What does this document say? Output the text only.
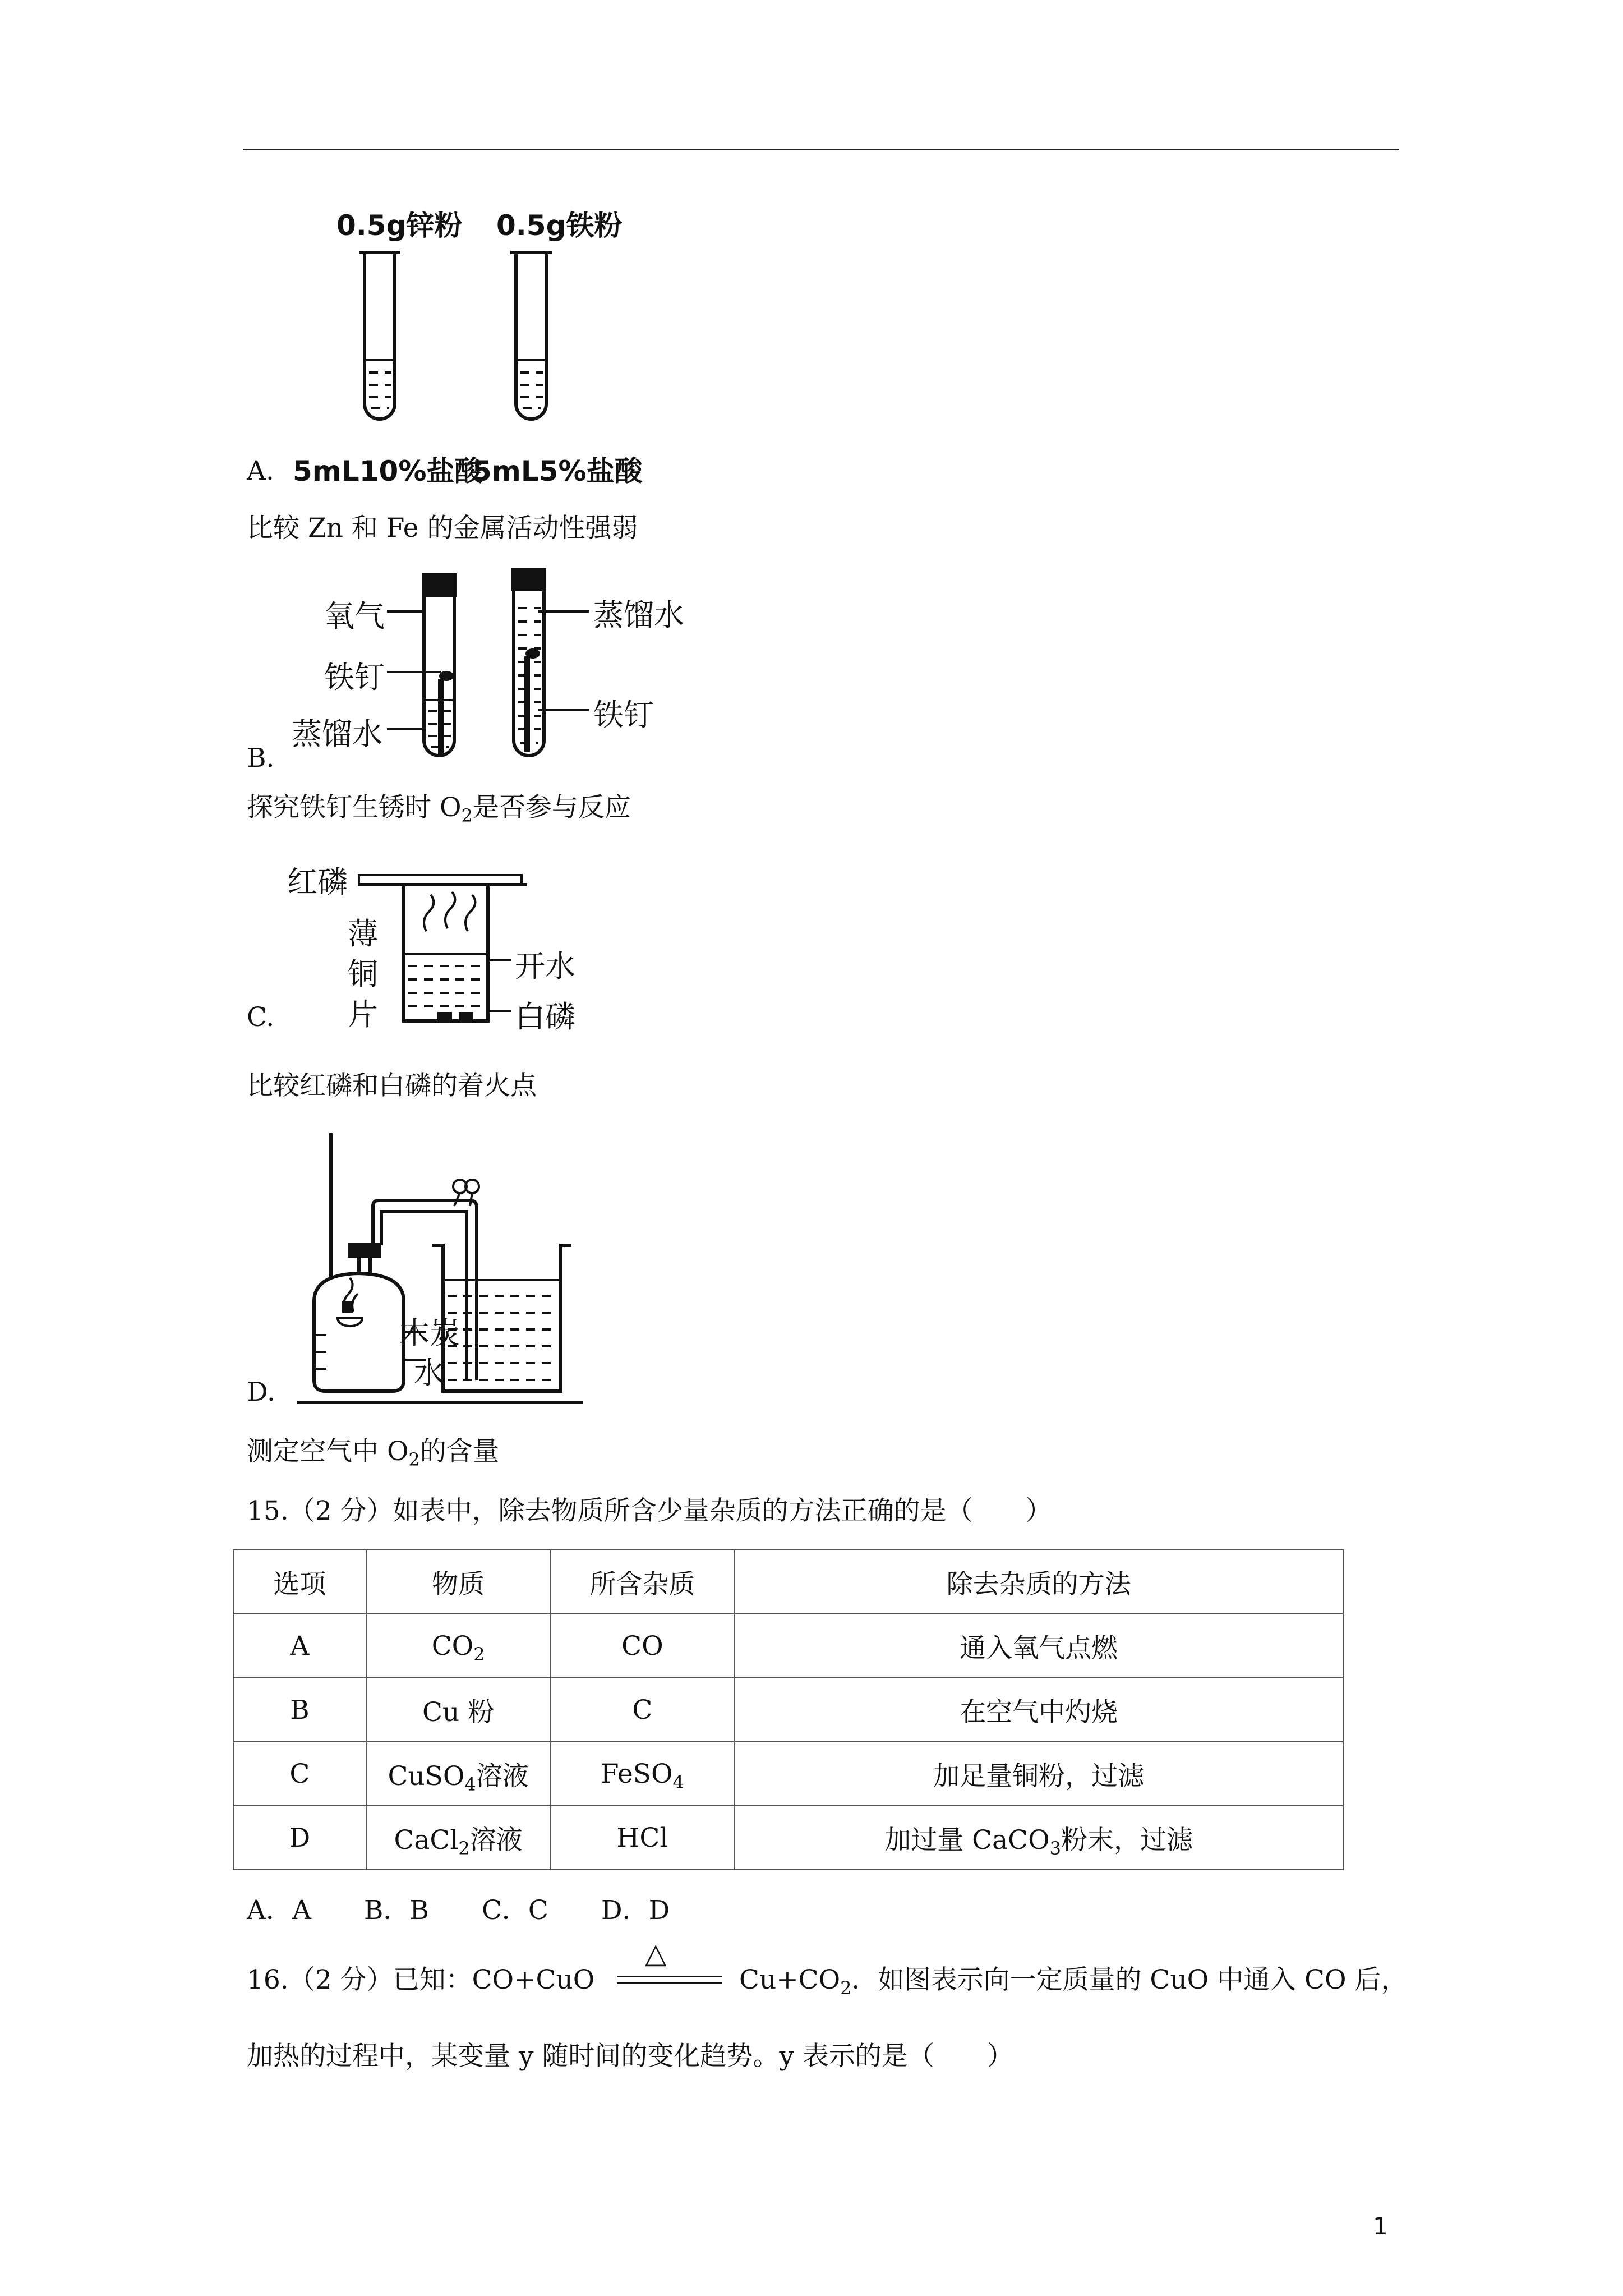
0.5g锌粉 0.5g铁粉
A. 5mL10%盐酸
5mL5%盐酸
比较 Zn 和 Fe 的金属活动性强弱
氧气
铁钉
蒸馏水
蒸馏水
铁钉
B.
探究铁钉生锈时 $O_2$是否参与反应
红磷
薄
铜
片
开水
白磷
C.
比较红磷和白磷的着火点
木炭
水
D.
测定空气中 $O_2$的含量
15.（2 分）如表中，除去物质所含少量杂质的方法正确的是（　　）
选项	物质	所含杂质	除去杂质的方法
A	$CO_2$	CO	通入氧气点燃
B	Cu 粉	C	在空气中灼烧
C	CuSO$_4$溶液	FeSO$_4$	加足量铜粉，过滤
D	CaCl$_2$溶液	HCl	加过量 CaCO$_3$粉末，过滤
A．A　　B．B　　C．C　　D．D
16.（2 分）已知：CO+CuO
△
$Cu+CO_2$．如图表示向一定质量的 CuO 中通入 CO 后，
加热的过程中，某变量 y 随时间的变化趋势。y 表示的是（　　）
1
